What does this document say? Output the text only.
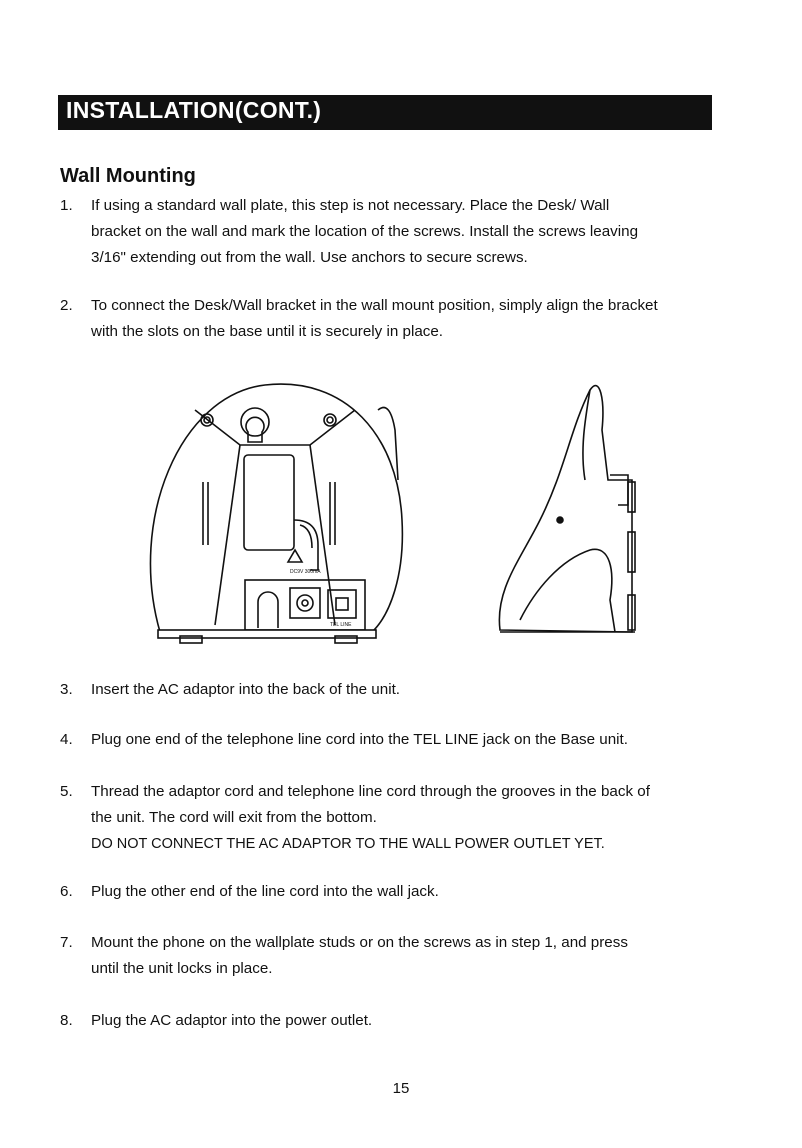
INSTALLATION(CONT.)
Wall Mounting
1. If using a standard wall plate, this step is not necessary. Place the Desk/ Wall
bracket on the wall and mark the location of the screws. Install the screws leaving
3/16" extending out from the wall. Use anchors to secure screws.
2. To connect the Desk/Wall bracket in the wall mount position, simply align the bracket
with the slots on the base until it is securely in place.
DC9V 300mA
TEL LINE
3. Insert the AC adaptor into the back of the unit.
4. Plug one end of the telephone line cord into the TEL LINE jack on the Base unit.
5. Thread the adaptor cord and telephone line cord through the grooves in the back of
the unit. The cord will exit from the bottom.
DO NOT CONNECT THE AC ADAPTOR TO THE WALL POWER OUTLET YET.
6. Plug the other end of the line cord into the wall jack.
7. Mount the phone on the wallplate studs or on the screws as in step 1, and press
until the unit locks in place.
8. Plug the AC adaptor into the power outlet.
15
